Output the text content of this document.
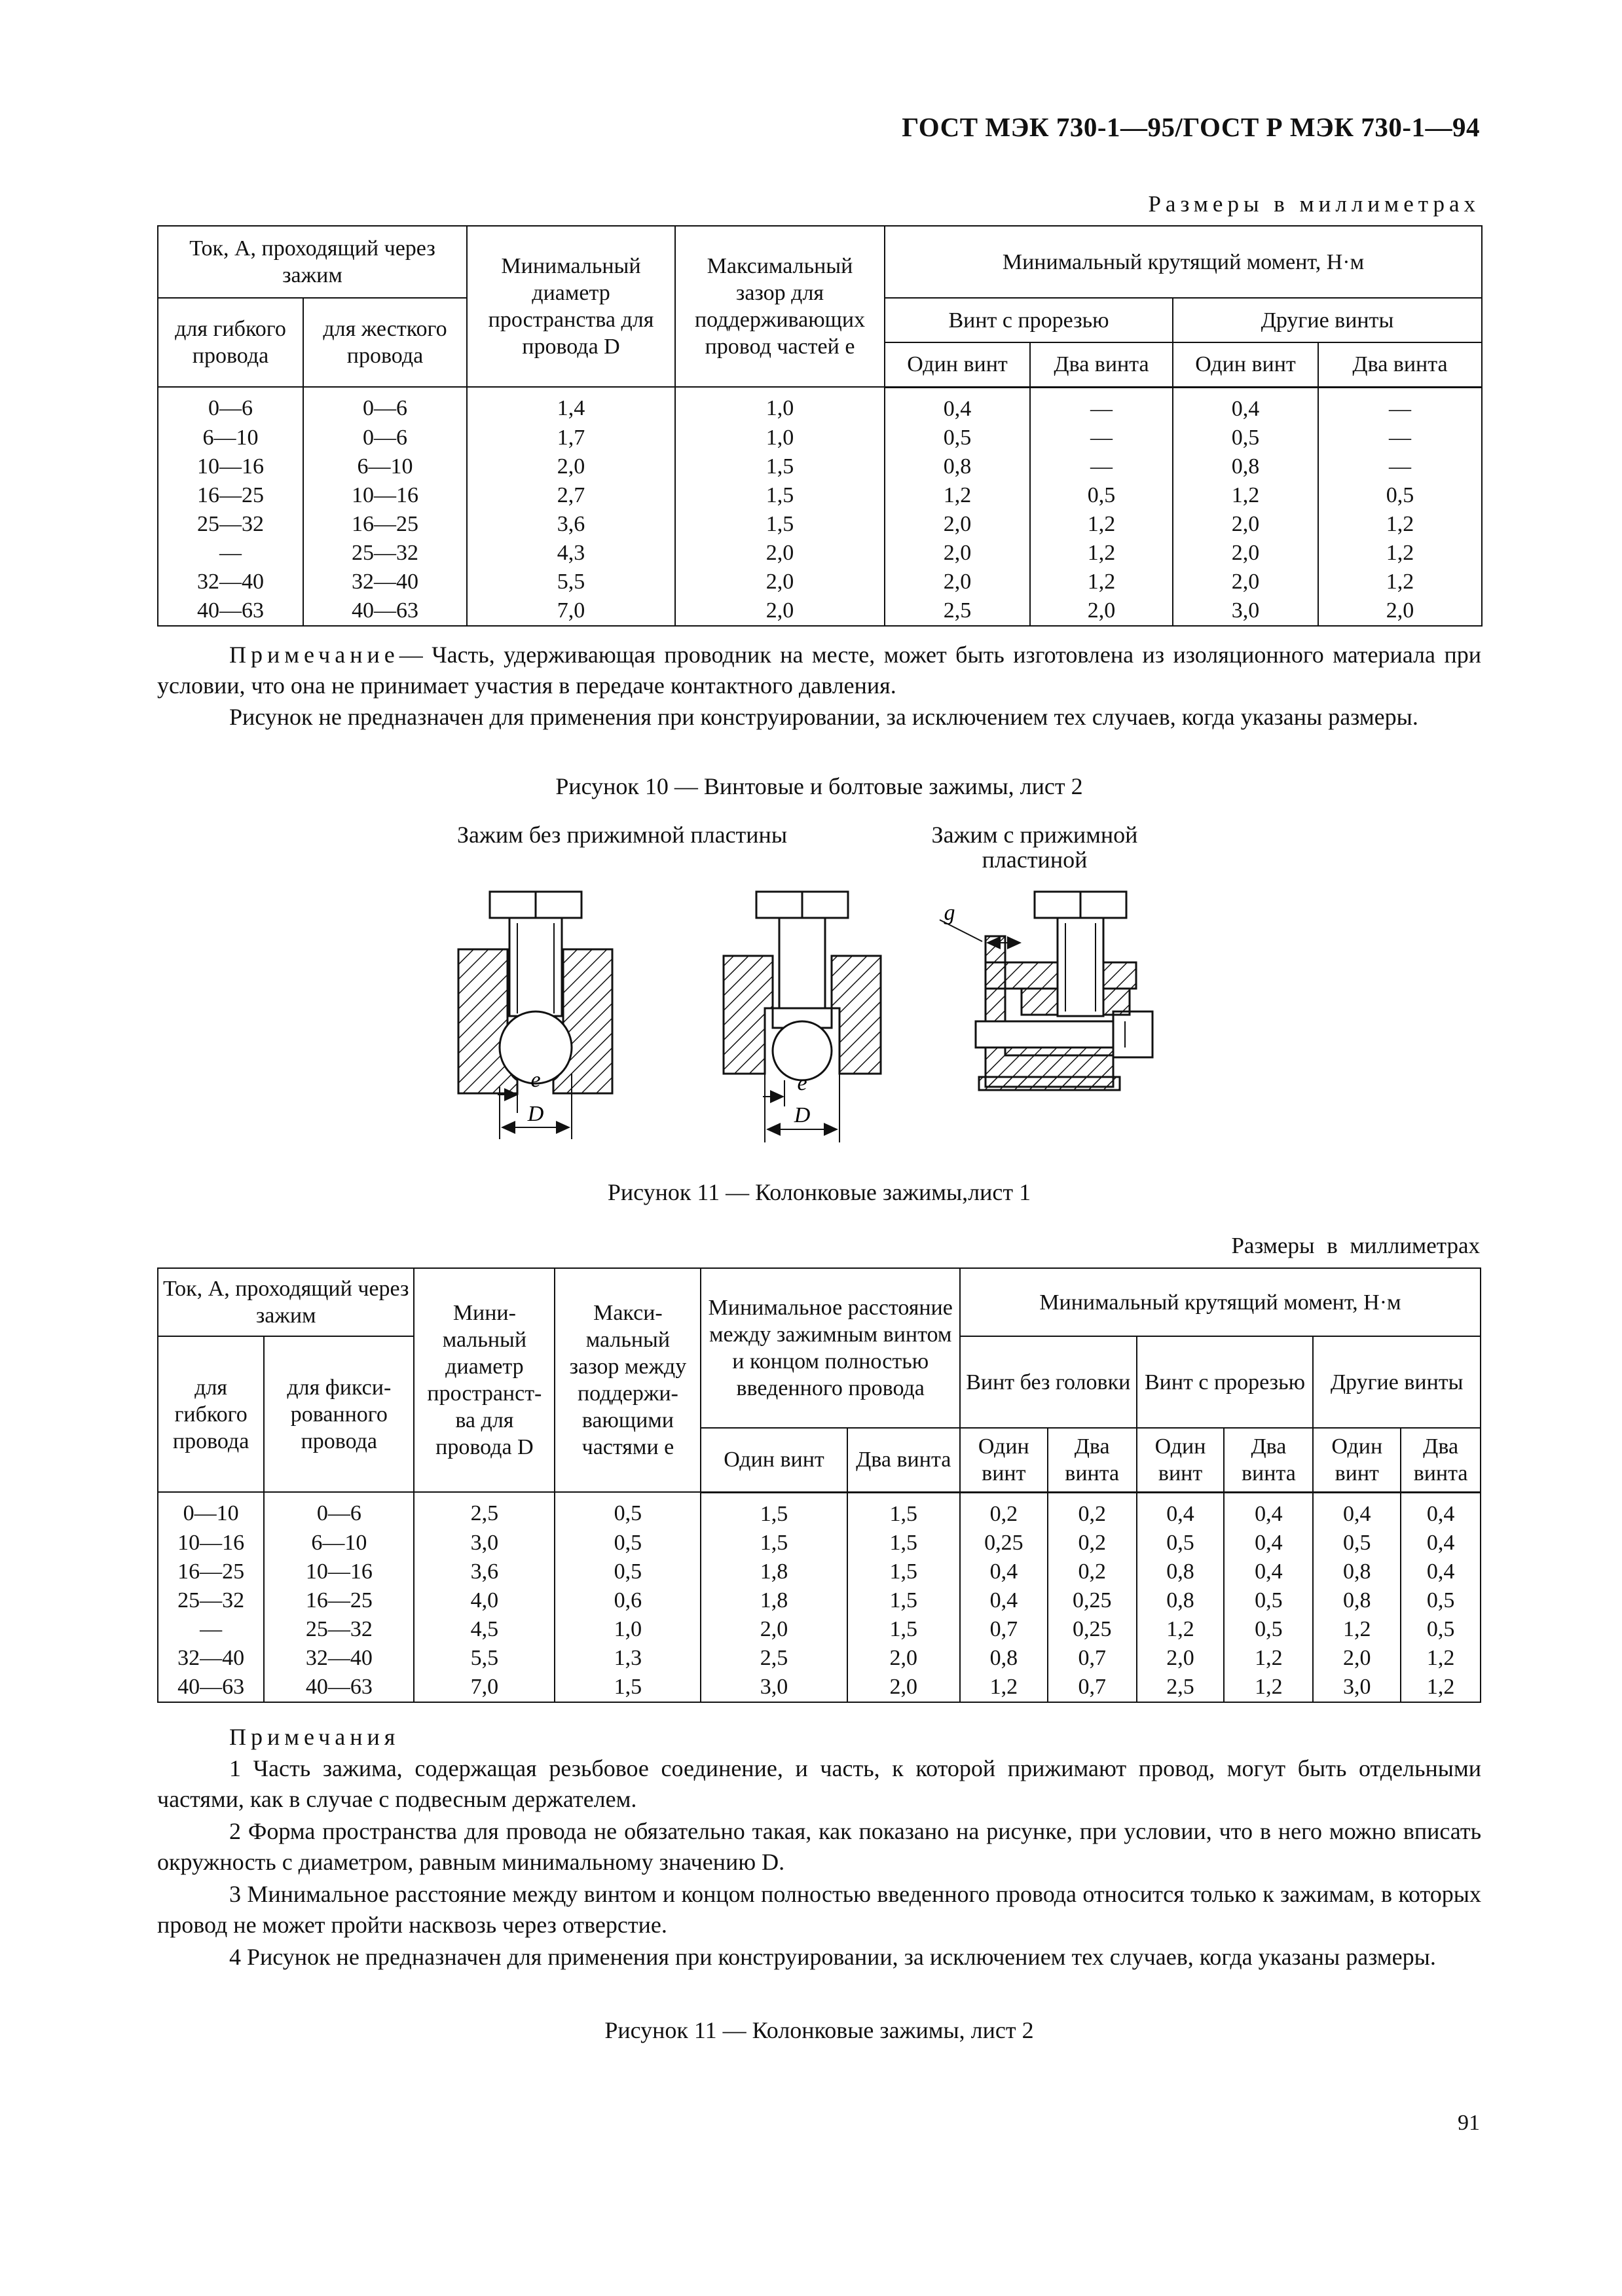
ГОСТ МЭК 730-1—95/ГОСТ Р МЭК 730-1—94
Размеры в миллиметрах
Ток, А, проходящий через зажим		Минимальный диаметр пространства для провода D	Максимальный зазор для поддерживающих провод частей e	Минимальный крутящий момент, Н·м			
для гибкого провода	для жесткого провода			Винт с прорезью		Другие винты	
				Один винт	Два винта	Один винт	Два винта
0—6	0—6	1,4	1,0	0,4	—	0,4	—
6—10	0—6	1,7	1,0	0,5	—	0,5	—
10—16	6—10	2,0	1,5	0,8	—	0,8	—
16—25	10—16	2,7	1,5	1,2	0,5	1,2	0,5
25—32	16—25	3,6	1,5	2,0	1,2	2,0	1,2
—	25—32	4,3	2,0	2,0	1,2	2,0	1,2
32—40	32—40	5,5	2,0	2,0	1,2	2,0	1,2
40—63	40—63	7,0	2,0	2,5	2,0	3,0	2,0
Примечание— Часть, удерживающая проводник на месте, может быть изготовлена из изоляционного материала при условии, что она не принимает участия в передаче контактного давления.
Рисунок не предназначен для применения при конструировании, за исключением тех случаев, когда указаны размеры.
Рисунок 10 — Винтовые и болтовые зажимы, лист 2
Зажим без прижимной пластины	Зажим с прижимной пластиной
e
D
e
D
g
Рисунок 11 — Колонковые зажимы,лист 1
Размеры в миллиметрах
Ток, А, проходящий через зажим		Мини-мальный диаметр пространст-ва для провода D	Макси-мальный зазор между поддержи-вающими частями e	Минимальное расстояние между зажимным винтом и концом полностью введенного провода		Минимальный крутящий момент, Н·м					
для гибкого провода	для фикси-рованного провода					Винт без головки		Винт с прорезью		Другие винты	
				Один винт	Два винта	Один винт	Два винта	Один винт	Два винта	Один винт	Два винта
0—10	0—6	2,5	0,5	1,5	1,5	0,2	0,2	0,4	0,4	0,4	0,4
10—16	6—10	3,0	0,5	1,5	1,5	0,25	0,2	0,5	0,4	0,5	0,4
16—25	10—16	3,6	0,5	1,8	1,5	0,4	0,2	0,8	0,4	0,8	0,4
25—32	16—25	4,0	0,6	1,8	1,5	0,4	0,25	0,8	0,5	0,8	0,5
—	25—32	4,5	1,0	2,0	1,5	0,7	0,25	1,2	0,5	1,2	0,5
32—40	32—40	5,5	1,3	2,5	2,0	0,8	0,7	2,0	1,2	2,0	1,2
40—63	40—63	7,0	1,5	3,0	2,0	1,2	0,7	2,5	1,2	3,0	1,2
Примечания
1 Часть зажима, содержащая резьбовое соединение, и часть, к которой прижимают провод, могут быть отдельными частями, как в случае с подвесным держателем.
2 Форма пространства для провода не обязательно такая, как показано на рисунке, при условии, что в него можно вписать окружность с диаметром, равным минимальному значению D.
3 Минимальное расстояние между винтом и концом полностью введенного провода относится только к зажимам, в которых провод не может пройти насквозь через отверстие.
4 Рисунок не предназначен для применения при конструировании, за исключением тех случаев, когда указаны размеры.
Рисунок 11 — Колонковые зажимы, лист 2
91
